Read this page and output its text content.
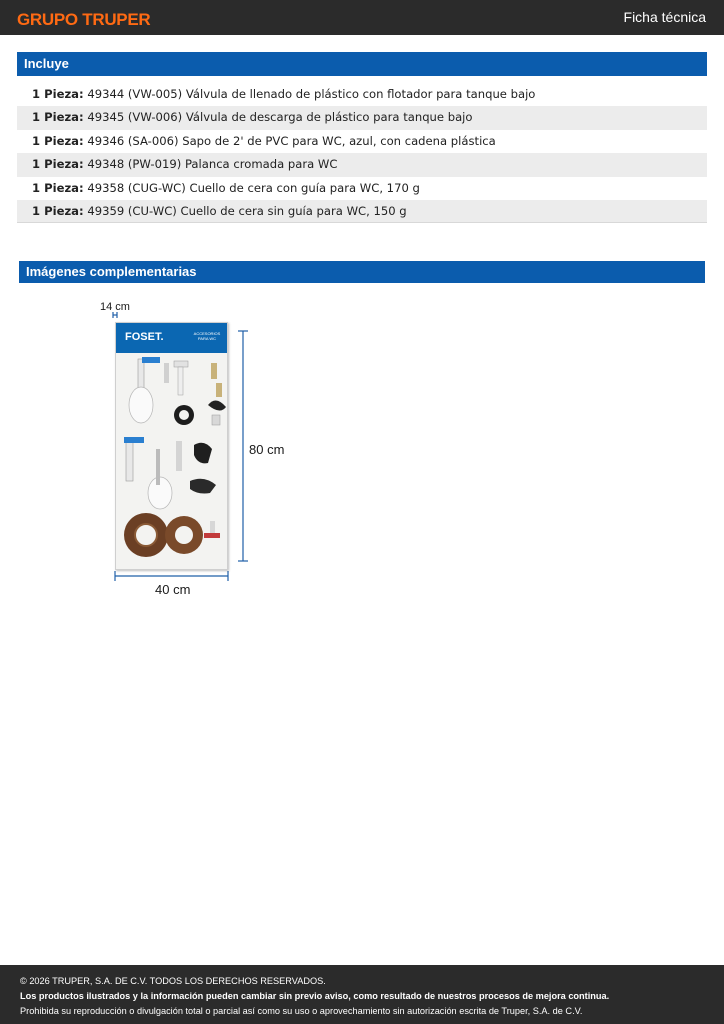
GRUPO TRUPER	Ficha técnica
Incluye
1 Pieza: 49344 (VW-005) Válvula de llenado de plástico con flotador para tanque bajo
1 Pieza: 49345 (VW-006) Válvula de descarga de plástico para tanque bajo
1 Pieza: 49346 (SA-006) Sapo de 2' de PVC para WC, azul, con cadena plástica
1 Pieza: 49348 (PW-019) Palanca cromada para WC
1 Pieza: 49358 (CUG-WC) Cuello de cera con guía para WC, 170 g
1 Pieza: 49359 (CU-WC) Cuello de cera sin guía para WC, 150 g
Imágenes complementarias
14 cm
80 cm
40 cm
FOSET.	ACCESORIOS PARA WC
© 2026 TRUPER, S.A. DE C.V. TODOS LOS DERECHOS RESERVADOS.
Los productos ilustrados y la información pueden cambiar sin previo aviso, como resultado de nuestros procesos de mejora continua.
Prohibida su reproducción o divulgación total o parcial así como su uso o aprovechamiento sin autorización escrita de Truper, S.A. de C.V.
